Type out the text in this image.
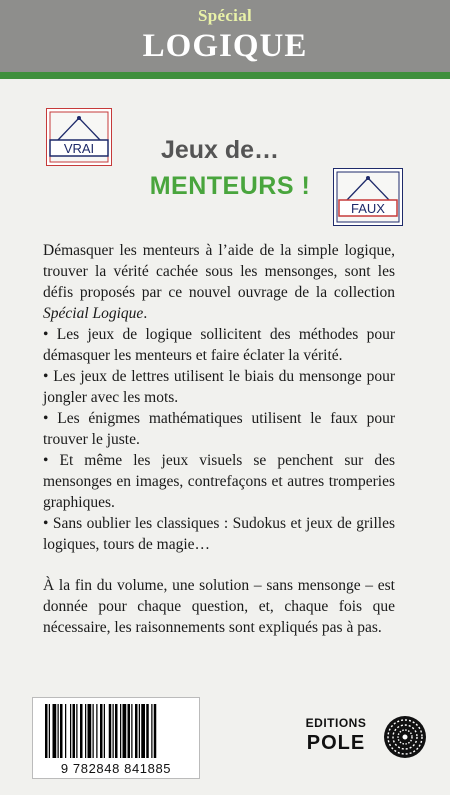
Spécial
LOGIQUE
VRAI
FAUX
Jeux de…
MENTEURS !

Démasquer les menteurs à l’aide de la simple logique, trouver la vérité cachée sous les mensonges, sont les défis proposés par ce nouvel ouvrage de la collection Spécial Logique.

• Les jeux de logique sollicitent des méthodes pour démasquer les menteurs et faire éclater la vérité.

• Les jeux de lettres utilisent le biais du mensonge pour jongler avec les mots.

• Les énigmes mathématiques utilisent le faux pour trouver le juste.

• Et même les jeux visuels se penchent sur des mensonges en images, contrefaçons et autres tromperies graphiques.

• Sans oublier les classiques : Sudokus et jeux de grilles logiques, tours de magie…

À la fin du volume, une solution – sans mensonge – est donnée pour chaque question, et, chaque fois que nécessaire, les raisonnements sont expliqués pas à pas.

9 782848 841885
EDITIONS
POLE
